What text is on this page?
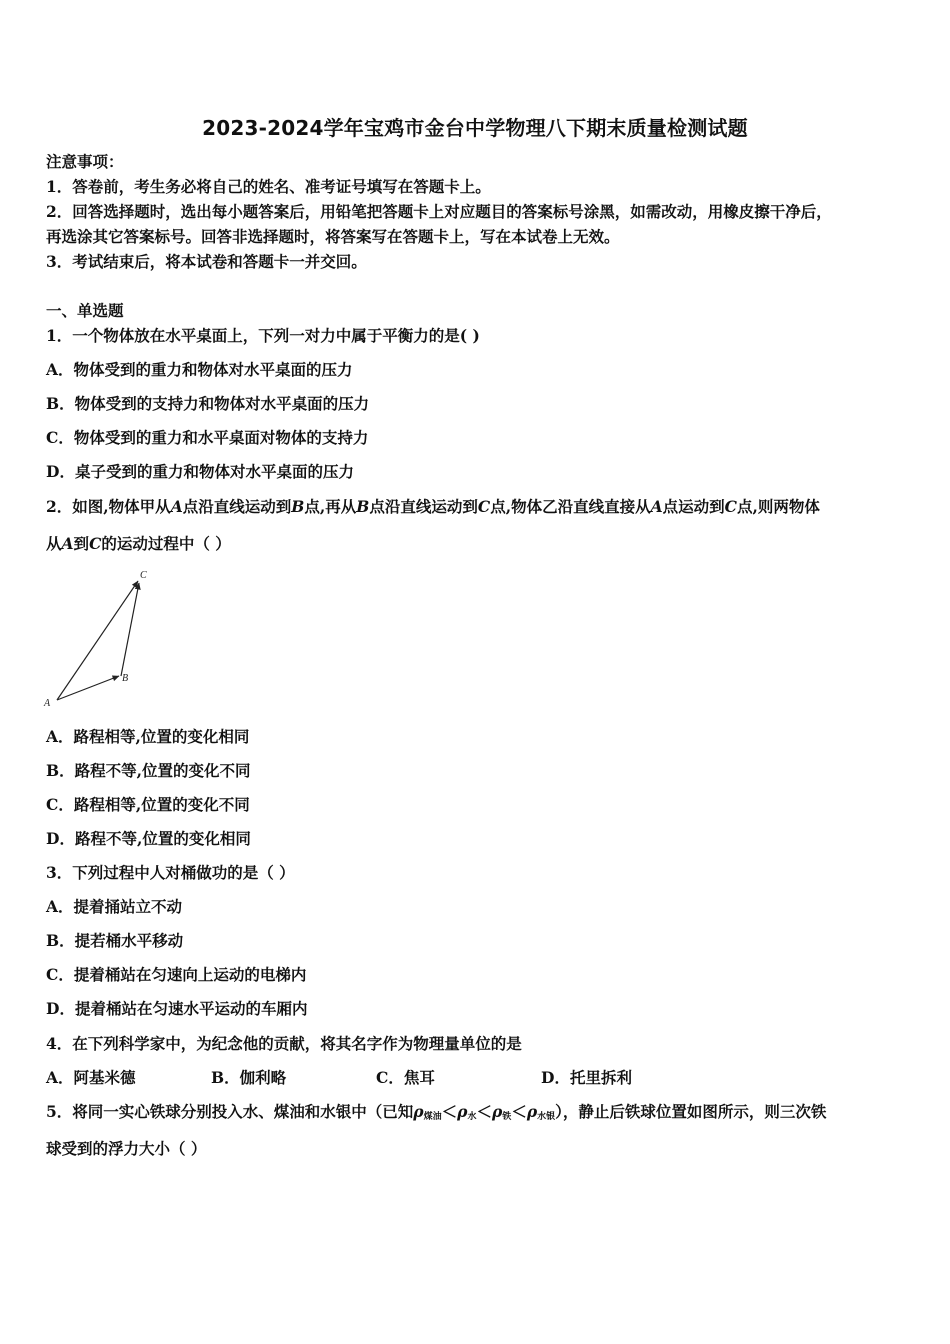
2023-2024学年宝鸡市金台中学物理八下期末质量检测试题
注意事项：
1．答卷前，考生务必将自己的姓名、准考证号填写在答题卡上。
2．回答选择题时，选出每小题答案后，用铅笔把答题卡上对应题目的答案标号涂黑，如需改动，用橡皮擦干净后，
再选涂其它答案标号。回答非选择题时，将答案写在答题卡上，写在本试卷上无效。
3．考试结束后，将本试卷和答题卡一并交回。
一、单选题
1．一个物体放在水平桌面上，下列一对力中属于平衡力的是( )
A．物体受到的重力和物体对水平桌面的压力
B．物体受到的支持力和物体对水平桌面的压力
C．物体受到的重力和水平桌面对物体的支持力
D．桌子受到的重力和物体对水平桌面的压力
2．如图,物体甲从A点沿直线运动到B点,再从B点沿直线运动到C点,物体乙沿直线直接从A点运动到C点,则两物体
从A到C的运动过程中（ ）
A
B
C
A．路程相等,位置的变化相同
B．路程不等,位置的变化不同
C．路程相等,位置的变化不同
D．路程不等,位置的变化相同
3．下列过程中人对桶做功的是（ ）
A．提着捅站立不动
B．提若桶水平移动
C．提着桶站在匀速向上运动的电梯内
D．提着桶站在匀速水平运动的车厢内
4．在下列科学家中，为纪念他的贡献，将其名字作为物理量单位的是
A．阿基米德	B．伽利略	C．焦耳	D．托里拆利
5．将同一实心铁球分别投入水、煤油和水银中（已知$\rho_{煤油}<\rho_水<\rho_铁<\rho_{水银}$），静止后铁球位置如图所示，则三次铁
球受到的浮力大小（ ）
